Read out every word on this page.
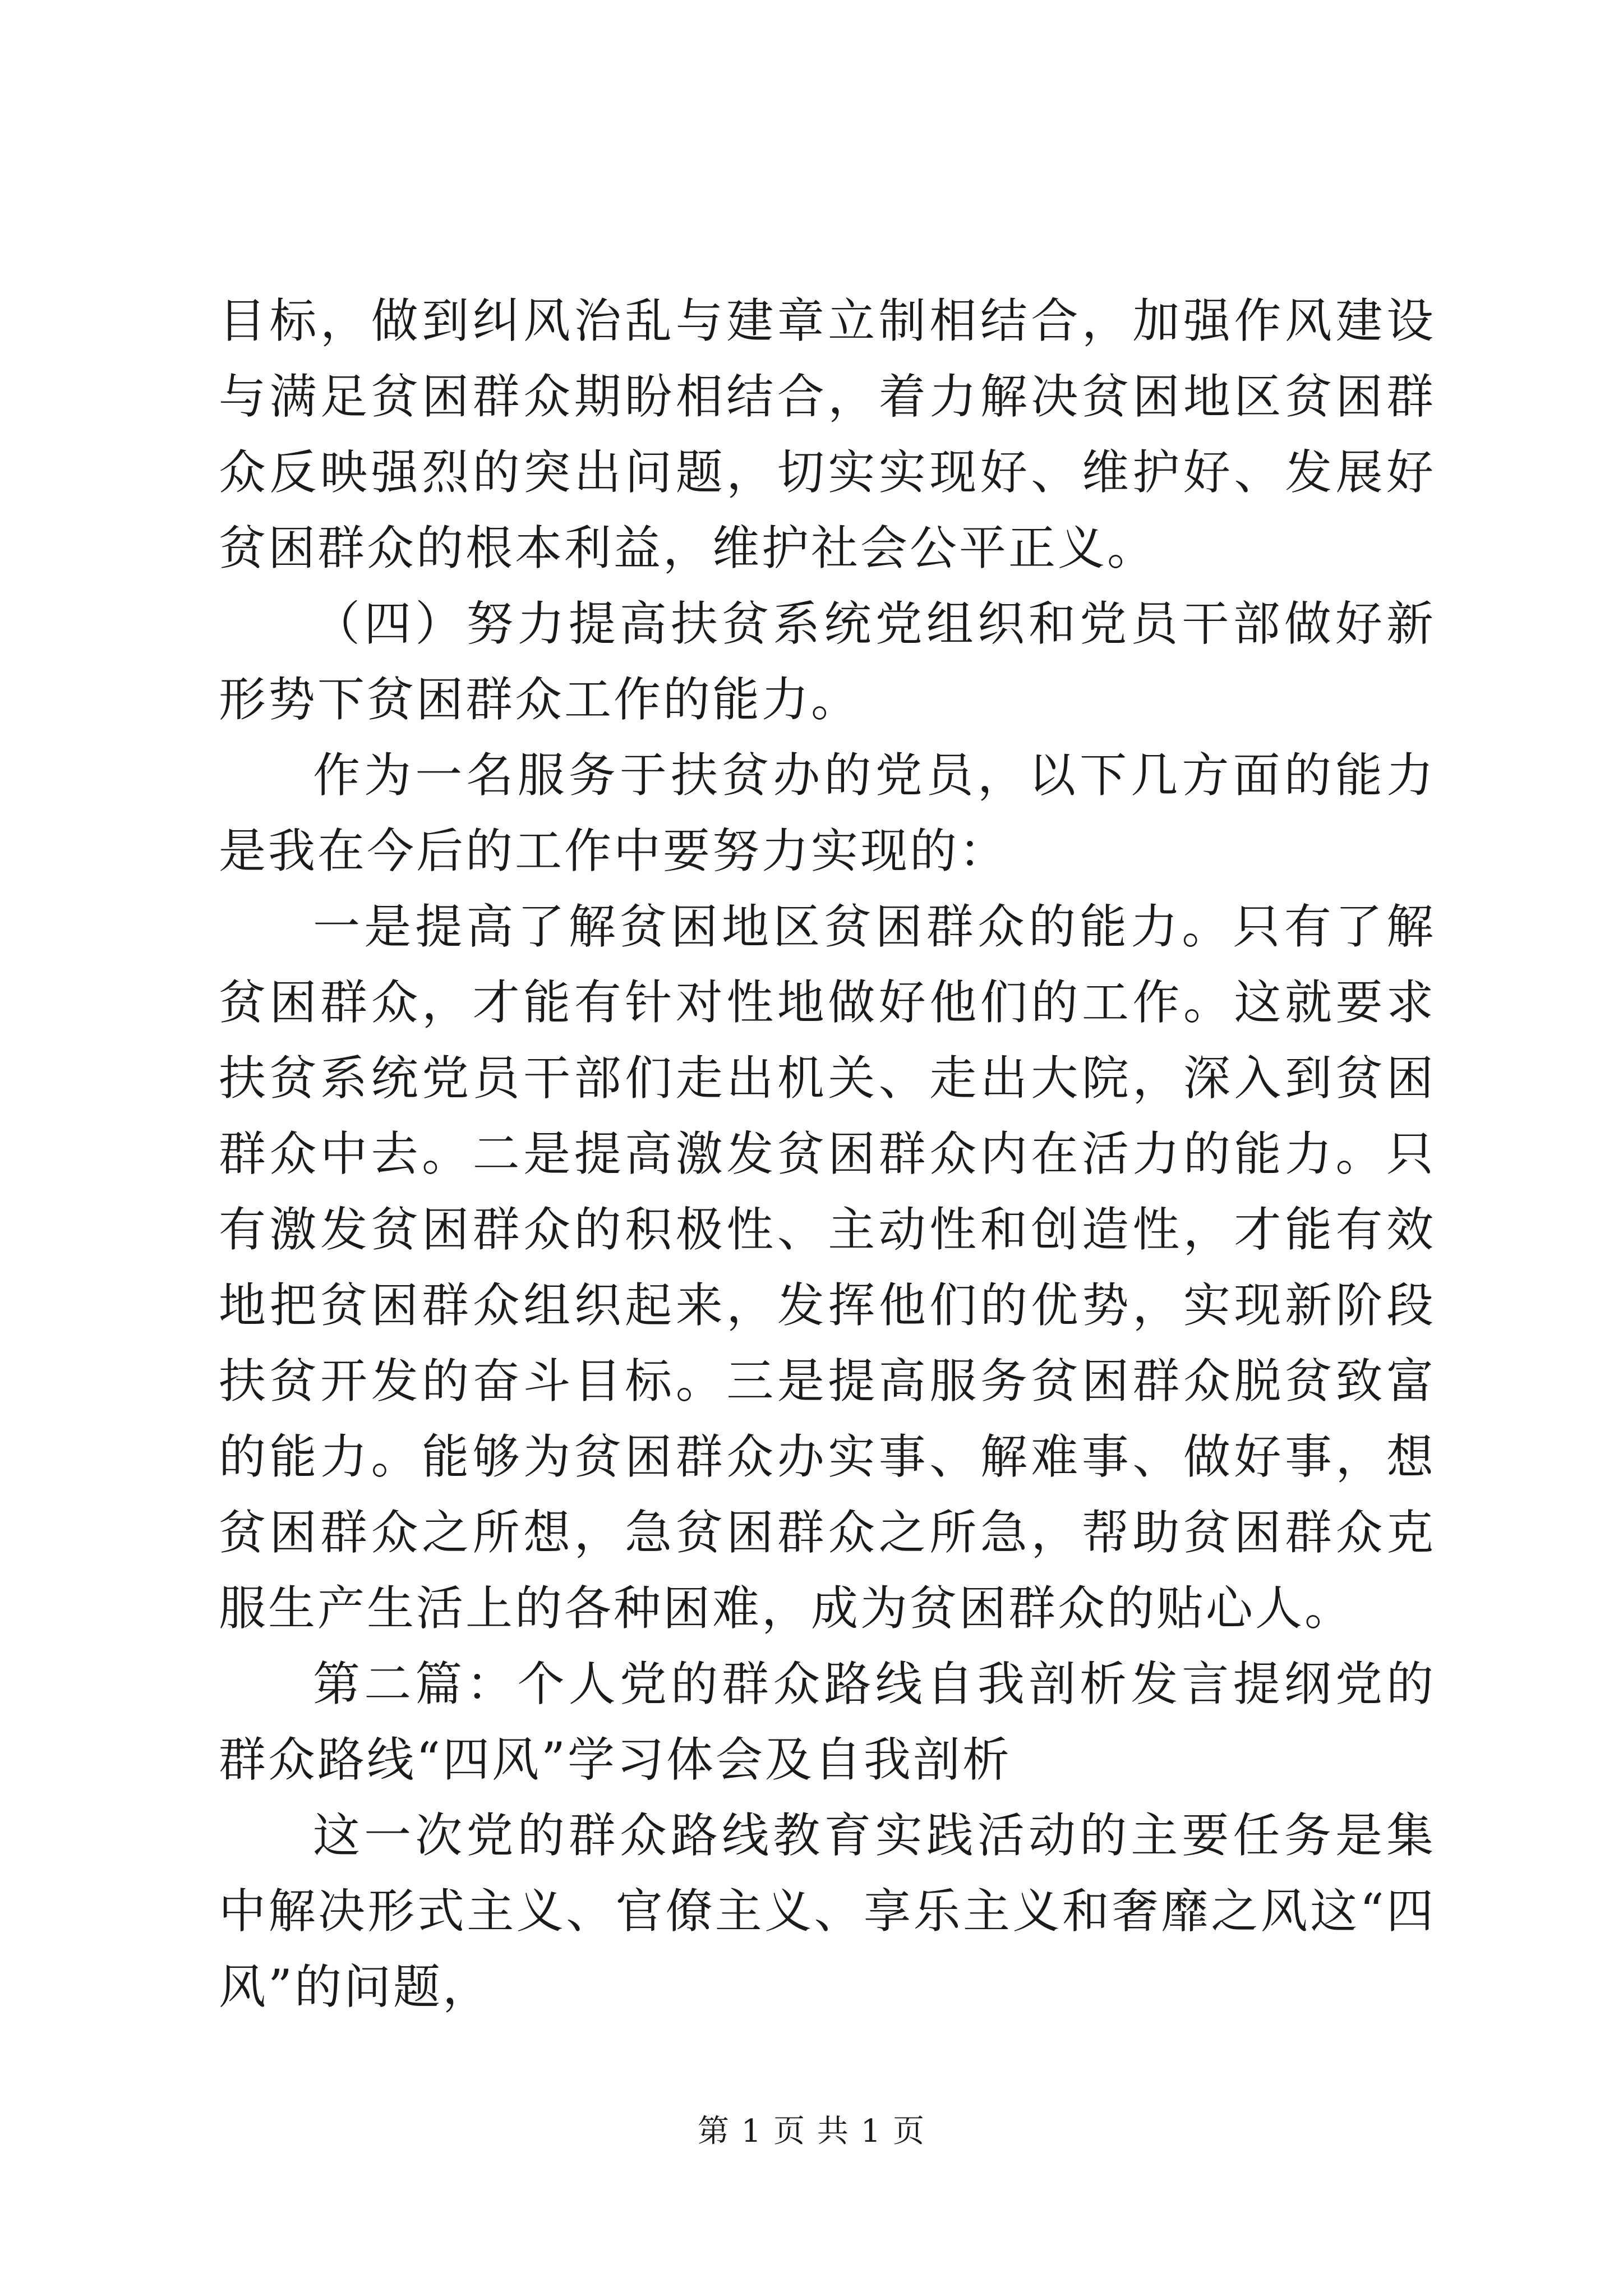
目标，做到纠风治乱与建章立制相结合，加强作风建设与满足贫困群众期盼相结合，着力解决贫困地区贫困群众反映强烈的突出问题，切实实现好、维护好、发展好贫困群众的根本利益，维护社会公平正义。

（四）努力提高扶贫系统党组织和党员干部做好新形势下贫困群众工作的能力。

作为一名服务于扶贫办的党员，以下几方面的能力是我在今后的工作中要努力实现的：

一是提高了解贫困地区贫困群众的能力。只有了解贫困群众，才能有针对性地做好他们的工作。这就要求扶贫系统党员干部们走出机关、走出大院，深入到贫困群众中去。二是提高激发贫困群众内在活力的能力。只有激发贫困群众的积极性、主动性和创造性，才能有效地把贫困群众组织起来，发挥他们的优势，实现新阶段扶贫开发的奋斗目标。三是提高服务贫困群众脱贫致富的能力。能够为贫困群众办实事、解难事、做好事，想贫困群众之所想，急贫困群众之所急，帮助贫困群众克服生产生活上的各种困难，成为贫困群众的贴心人。

第二篇：个人党的群众路线自我剖析发言提纲党的群众路线“四风”学习体会及自我剖析

这一次党的群众路线教育实践活动的主要任务是集中解决形式主义、官僚主义、享乐主义和奢靡之风这“四风”的问题，

第 1 页 共 1 页
